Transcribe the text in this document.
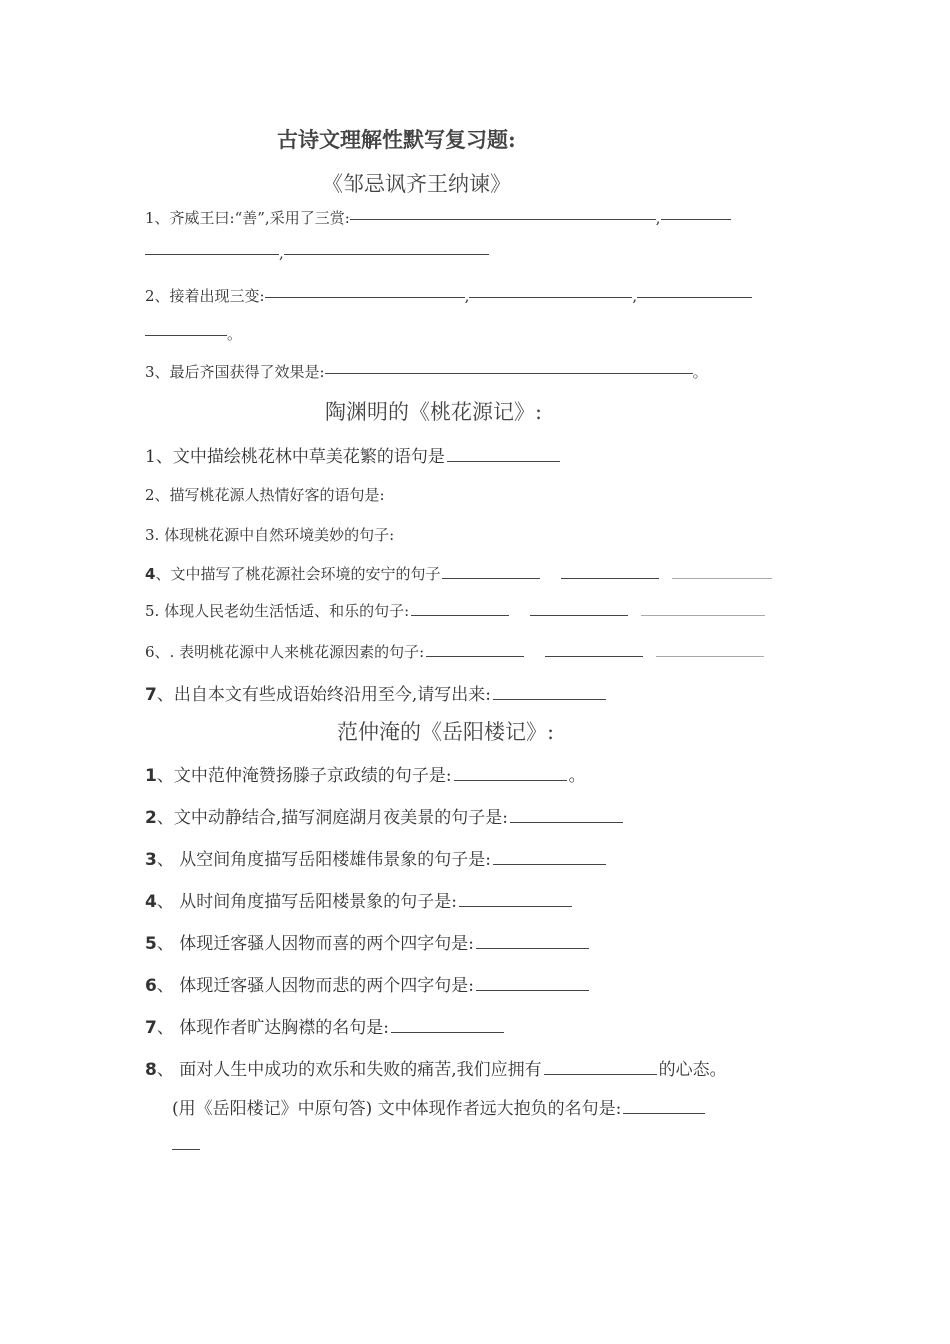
古诗文理解性默写复习题:
《邹忌讽齐王纳谏》
1、齐威王曰:“善”,采用了三赏:	,
,
2、接着出现三变:	,	,
。
3、最后齐国获得了效果是:	。
陶渊明的《桃花源记》:
1、文中描绘桃花林中草美花繁的语句是
2、描写桃花源人热情好客的语句是:
3. 体现桃花源中自然环境美妙的句子:
4、文中描写了桃花源社会环境的安宁的句子
5. 体现人民老幼生活恬适、和乐的句子:
6、. 表明桃花源中人来桃花源因素的句子:
7、出自本文有些成语始终沿用至今,请写出来:
范仲淹的《岳阳楼记》:
1、文中范仲淹赞扬滕子京政绩的句子是:	。
2、文中动静结合,描写洞庭湖月夜美景的句子是:
3、 从空间角度描写岳阳楼雄伟景象的句子是:
4、 从时间角度描写岳阳楼景象的句子是:
5、 体现迁客骚人因物而喜的两个四字句是:
6、 体现迁客骚人因物而悲的两个四字句是:
7、 体现作者旷达胸襟的名句是:
8、 面对人生中成功的欢乐和失败的痛苦,我们应拥有	的心态。
(用《岳阳楼记》中原句答) 文中体现作者远大抱负的名句是:
